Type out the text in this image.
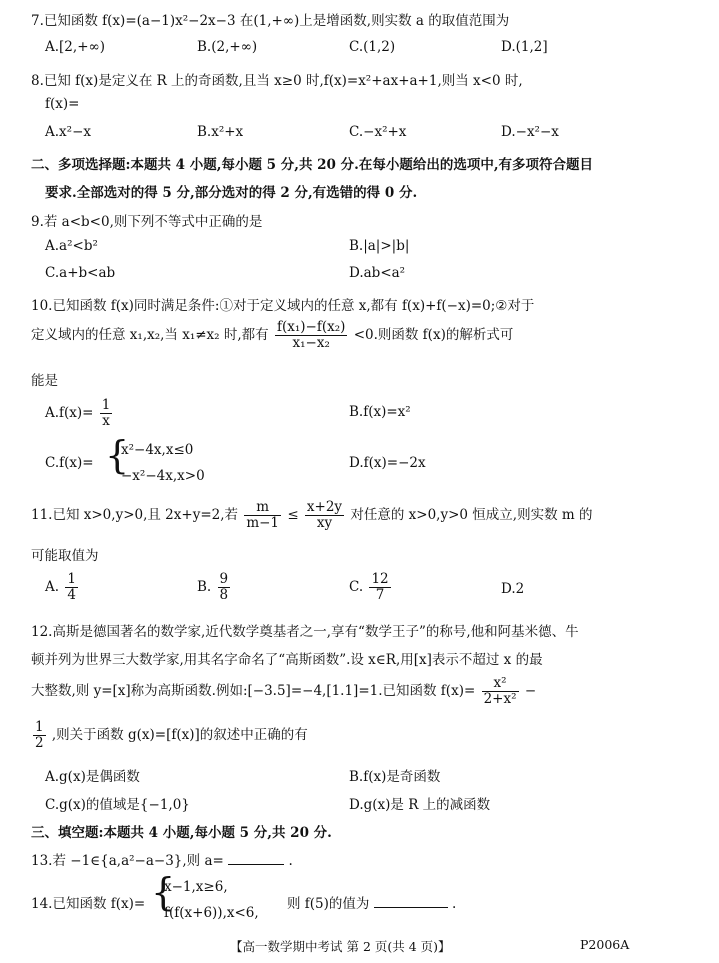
7.已知函数 f(x)=(a−1)x²−2x−3 在(1,+∞)上是增函数,则实数 a 的取值范围为
A.[2,+∞)	B.(2,+∞)	C.(1,2)	D.(1,2]
8.已知 f(x)是定义在 R 上的奇函数,且当 x≥0 时,f(x)=x²+ax+a+1,则当 x<0 时,
f(x)=
A.x²−x	B.x²+x	C.−x²+x	D.−x²−x
二、多项选择题:本题共 4 小题,每小题 5 分,共 20 分.在每小题给出的选项中,有多项符合题目
要求.全部选对的得 5 分,部分选对的得 2 分,有选错的得 0 分.
9.若 a<b<0,则下列不等式中正确的是
A.a²<b²	B.|a|>|b|
C.a+b<ab	D.ab<a²
10.已知函数 f(x)同时满足条件:①对于定义域内的任意 x,都有 f(x)+f(−x)=0;②对于
定义域内的任意 x₁,x₂,当 x₁≠x₂ 时,都有 $\frac{\text{f(x₁)−f(x₂)}}{\text{x₁−x₂}} <0$.则函数 f(x)的解析式可
能是
$A.f(x)= \frac{1}{x}$	B.f(x)=x²
C.f(x)= {
x²−4x,x≤0
−x²−4x,x>0
D.f(x)=−2x
11.已知 x>0,y>0,且 2x+y=2,若 $\frac{m}{m-1} \le \frac{x+2y}{xy}$ 对任意的 x>0,y>0 恒成立,则实数 m 的
可能取值为
A. $\frac{1}{4}$	B. $\frac{9}{8}$	C. $\frac{12}{7}$	D.2
12.高斯是德国著名的数学家,近代数学奠基者之一,享有“数学王子”的称号,他和阿基米德、牛
顿并列为世界三大数学家,用其名字命名了“高斯函数”.设 x∈R,用[x]表示不超过 x 的最
大整数,则 y=[x]称为高斯函数.例如:[−3.5]=−4,[1.1]=1.已知函数 $f(x)= \frac{\text{x²}}{\text{2+x²}}$ −
$\frac{1}{2}$ ,则关于函数 g(x)=[f(x)]的叙述中正确的有
A.g(x)是偶函数	B.f(x)是奇函数
C.g(x)的值域是{−1,0}	D.g(x)是 R 上的减函数
三、填空题:本题共 4 小题,每小题 5 分,共 20 分.
13.若 −1∈{a,a²−a−3},则 a=	.
14.已知函数 f(x)= {
x−1,x≥6,
f(f(x+6)),x<6,
则 f(5)的值为	.
【高一数学期中考试 第 2 页(共 4 页)】	P2006A
